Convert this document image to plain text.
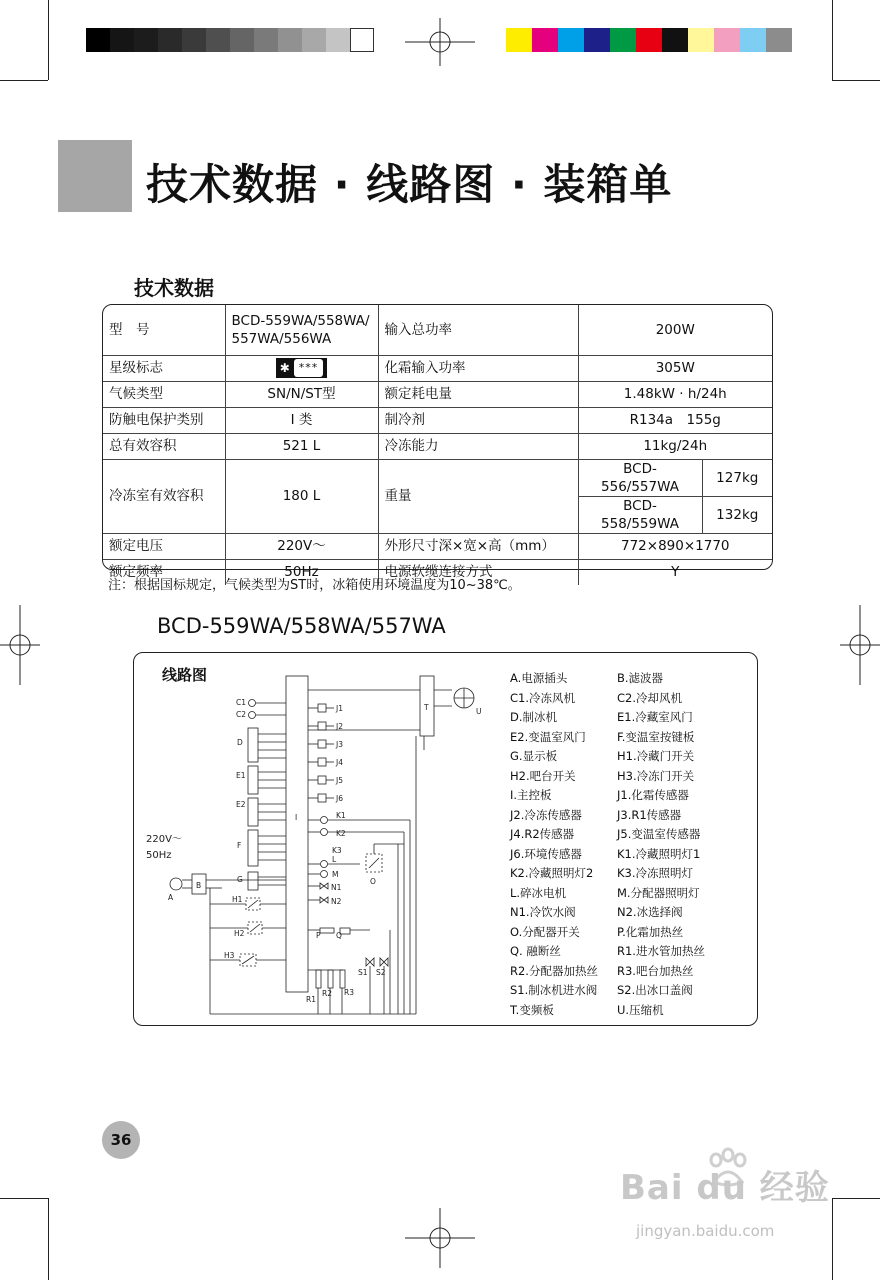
技术数据 · 线路图 · 装箱单
技术数据
型　号	BCD-559WA/558WA/
557WA/556WA	输入总功率	200W	
星级标志	✱ ***	化霜输入功率	305W	
气候类型	SN/N/ST型	额定耗电量	1.48kW · h/24h	
防触电保护类别	I 类	制冷剂	R134a　155g	
总有效容积	521 L	冷冻能力	11kg/24h	
冷冻室有效容积	180 L	重量	BCD-556/557WA	127kg
			BCD-558/559WA	132kg
额定电压	220V～	外形尺寸深×宽×高（mm）	772×890×1770	
额定频率	50Hz	电源软缆连接方式	Y	
注：根据国标规定，气候类型为ST时，冰箱使用环境温度为10~38℃。
BCD-559WA/558WA/557WA
线路图
I
T	U
C1
C2
D
E1
E2
F
G
J1
J2
J3
J4
J5
J6
K1
K2
K3
L
M
N1
N2
O
P Q
S1 S2
R1
R2 R3
220V～
50Hz
A
B
H1
H2
H3
A.电源插头
C1.冷冻风机
D.制冰机
E2.变温室风门
G.显示板
H2.吧台开关
I.主控板
J2.冷冻传感器
J4.R2传感器
J6.环境传感器
K2.冷藏照明灯2
L.碎冰电机
N1.冷饮水阀
O.分配器开关
Q. 融断丝
R2.分配器加热丝
S1.制冰机进水阀
T.变频板
B.滤波器
C2.冷却风机
E1.冷藏室风门
F.变温室按键板
H1.冷藏门开关
H3.冷冻门开关
J1.化霜传感器
J3.R1传感器
J5.变温室传感器
K1.冷藏照明灯1
K3.冷冻照明灯
M.分配器照明灯
N2.冰选择阀
P.化霜加热丝
R1.进水管加热丝
R3.吧台加热丝
S2.出冰口盖阀
U.压缩机
36
Bai du 经验
jingyan.baidu.com
